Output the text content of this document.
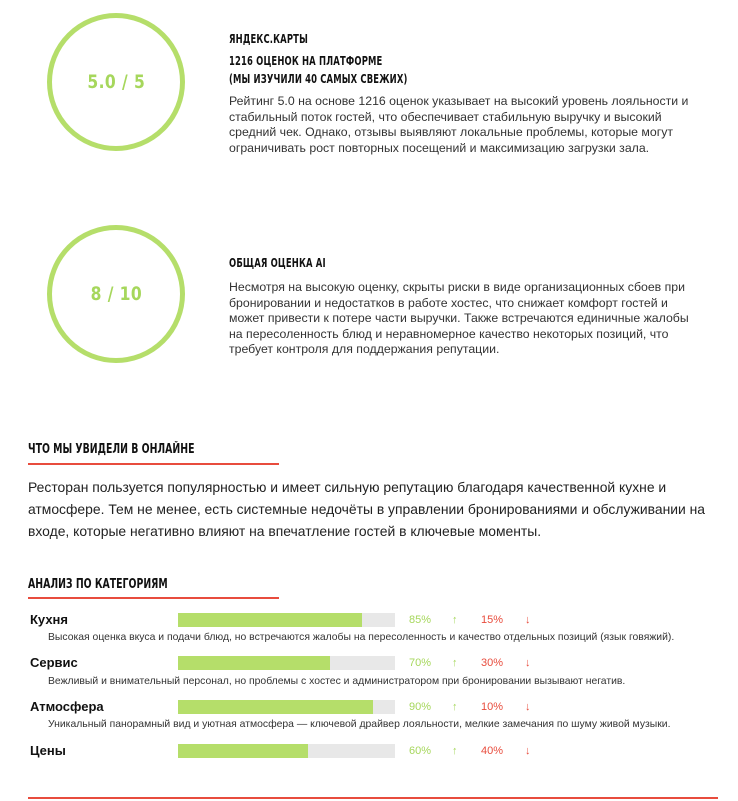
5.0 / 5
ЯНДЕКС.КАРТЫ
1216 ОЦЕНОК НА ПЛАТФОРМЕ
(МЫ ИЗУЧИЛИ 40 САМЫХ СВЕЖИХ)
Рейтинг 5.0 на основе 1216 оценок указывает на высокий уровень лояльности и стабильный поток гостей, что обеспечивает стабильную выручку и высокий средний чек. Однако, отзывы выявляют локальные проблемы, которые могут ограничивать рост повторных посещений и максимизацию загрузки зала.
8 / 10
ОБЩАЯ ОЦЕНКА AI
Несмотря на высокую оценку, скрыты риски в виде организационных сбоев при бронировании и недостатков в работе хостес, что снижает комфорт гостей и может привести к потере части выручки. Также встречаются единичные жалобы на пересоленность блюд и неравномерное качество некоторых позиций, что требует контроля для поддержания репутации.
ЧТО МЫ УВИДЕЛИ В ОНЛАЙНЕ
Ресторан пользуется популярностью и имеет сильную репутацию благодаря качественной кухне и атмосфере. Тем не менее, есть системные недочёты в управлении бронированиями и обслуживании на входе, которые негативно влияют на впечатление гостей в ключевые моменты.
АНАЛИЗ ПО КАТЕГОРИЯМ
Кухня	85% ↑ 15% ↓
Высокая оценка вкуса и подачи блюд, но встречаются жалобы на пересоленность и качество отдельных позиций (язык говяжий).
Сервис	70% ↑ 30% ↓
Вежливый и внимательный персонал, но проблемы с хостес и администратором при бронировании вызывают негатив.
Атмосфера	90% ↑ 10% ↓
Уникальный панорамный вид и уютная атмосфера — ключевой драйвер лояльности, мелкие замечания по шуму живой музыки.
Цены	60% ↑ 40% ↓
